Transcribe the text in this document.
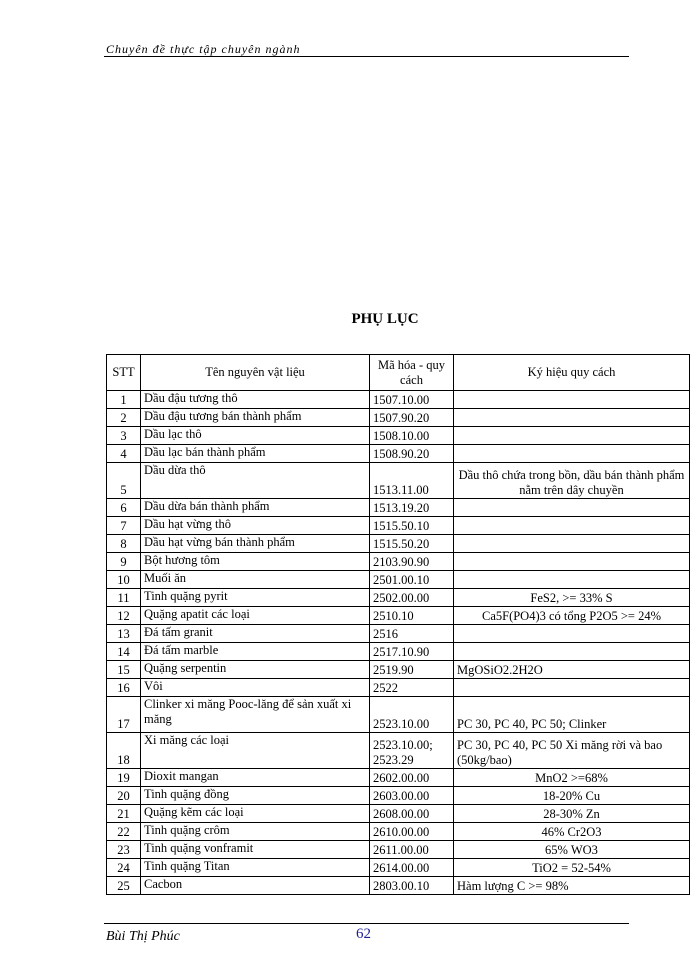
Chuyên đề thực tập chuyên ngành
PHỤ LỤC
STT	Tên nguyên vật liệu	Mã hóa - quy cách	Ký hiệu quy cách
1	Dầu đậu tương thô	1507.10.00	
2	Dầu đậu tương bán thành phẩm	1507.90.20	
3	Dầu lạc thô	1508.10.00	
4	Dầu lạc bán thành phẩm	1508.90.20	
5	Dầu dừa thô	1513.11.00	Dầu thô chứa trong bồn, dầu bán thành phẩm nằm trên dây chuyền
6	Dầu dừa bán thành phẩm	1513.19.20	
7	Dầu hạt vừng thô	1515.50.10	
8	Dầu hạt vừng bán thành phẩm	1515.50.20	
9	Bột hương tôm	2103.90.90	
10	Muối ăn	2501.00.10	
11	Tinh quặng pyrit	2502.00.00	FeS2, >= 33% S
12	Quặng apatit các loại	2510.10	Ca5F(PO4)3 có tổng P2O5 >= 24%
13	Đá tấm granit	2516	
14	Đá tấm marble	2517.10.90	
15	Quặng serpentin	2519.90	MgOSiO2.2H2O
16	Vôi	2522	
17	Clinker xi măng Pooc-lăng để sản xuất xi măng	2523.10.00	PC 30, PC 40, PC 50; Clinker
18	Xi măng các loại	2523.10.00; 2523.29	PC 30, PC 40, PC 50 Xi măng rời và bao (50kg/bao)
19	Dioxit mangan	2602.00.00	MnO2 >=68%
20	Tinh quặng đồng	2603.00.00	18-20% Cu
21	Quặng kẽm các loại	2608.00.00	28-30% Zn
22	Tinh quặng crôm	2610.00.00	46% Cr2O3
23	Tinh quặng vonframit	2611.00.00	65% WO3
24	Tinh quặng Titan	2614.00.00	TiO2 = 52-54%
25	Cacbon	2803.00.10	Hàm lượng C >= 98%
Bùi Thị Phúc	62
